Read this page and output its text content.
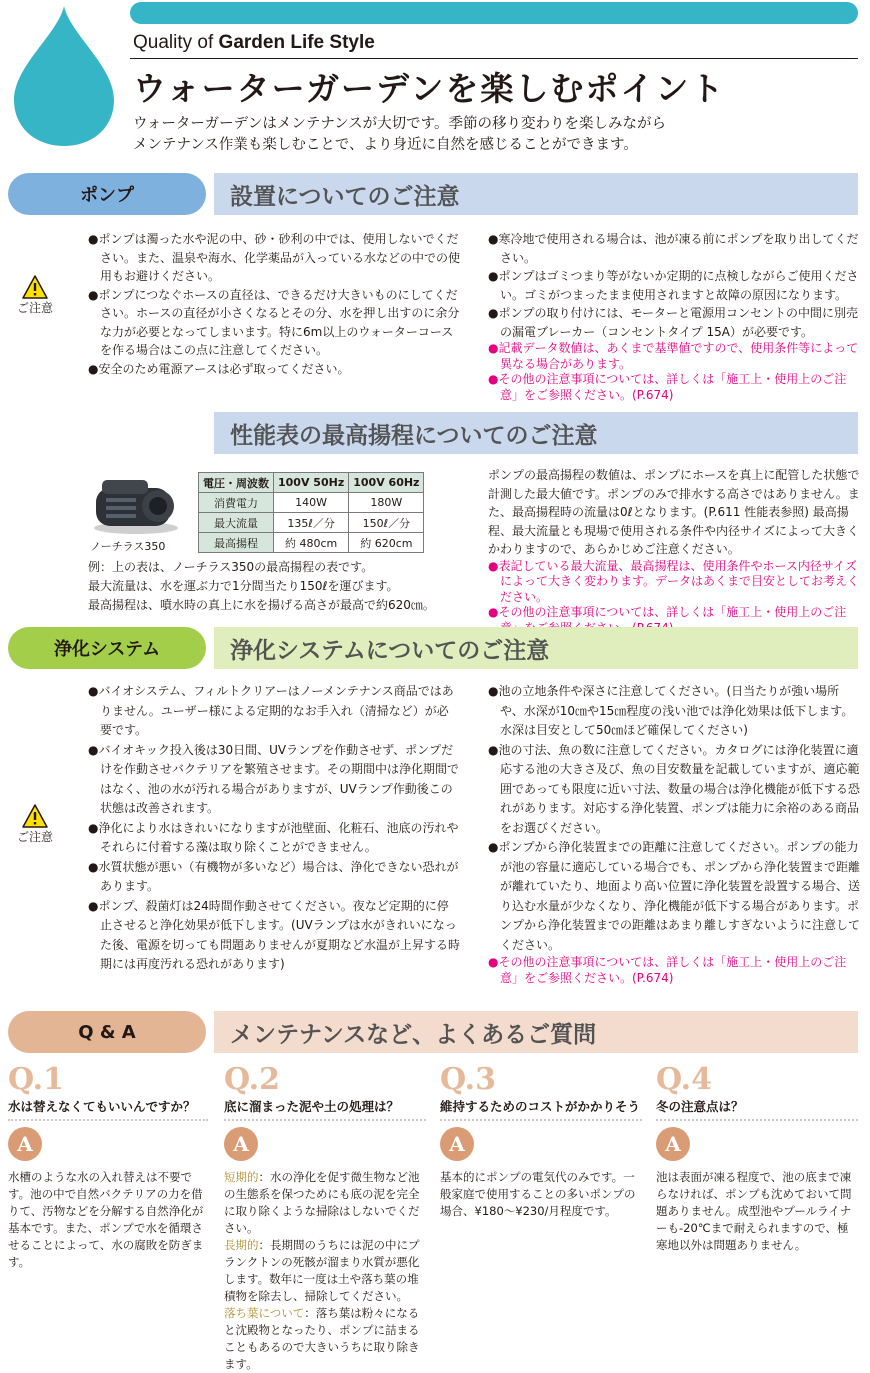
Quality of Garden Life Style
ウォーターガーデンを楽しむポイント
ウォーターガーデンはメンテナンスが大切です。季節の移り変わりを楽しみながら
メンテナンス作業も楽しむことで、より身近に自然を感じることができます。
ポンプ	設置についてのご注意
ご注意

●ポンプは濁った水や泥の中、砂・砂利の中では、使用しないでください。また、温泉や海水、化学薬品が入っている水などの中での使用もお避けください。

●ポンプにつなぐホースの直径は、できるだけ大きいものにしてください。ホースの直径が小さくなるとその分、水を押し出すのに余分な力が必要となってしまいます。特に6m以上のウォーターコースを作る場合はこの点に注意してください。

●安全のため電源アースは必ず取ってください。

●寒冷地で使用される場合は、池が凍る前にポンプを取り出してください。

●ポンプはゴミつまり等がないか定期的に点検しながらご使用ください。ゴミがつまったまま使用されますと故障の原因になります。

●ポンプの取り付けには、モーターと電源用コンセントの中間に別売の漏電ブレーカー（コンセントタイプ 15A）が必要です。

●記載データ数値は、あくまで基準値ですので、使用条件等によって異なる場合があります。

●その他の注意事項については、詳しくは「施工上・使用上のご注意」をご参照ください。(P.674)

性能表の最高揚程についてのご注意
ノーチラス350
電圧・周波数	100V 50Hz	100V 60Hz
消費電力	140W	180W
最大流量	135ℓ／分	150ℓ／分
最高揚程	約 480cm	約 620cm
例：上の表は、ノーチラス350の最高揚程の表です。
最大流量は、水を運ぶ力で1分間当たり150ℓを運びます。
最高揚程は、噴水時の真上に水を揚げる高さが最高で約620㎝。
ポンプの最高揚程の数値は、ポンプにホースを真上に配管した状態で計測した最大値です。ポンプのみで排水する高さではありません。また、最高揚程時の流量は0ℓとなります。(P.611 性能表参照) 最高揚程、最大流量とも現場で使用される条件や内径サイズによって大きくかわりますので、あらかじめご注意ください。

●表記している最大流量、最高揚程は、使用条件やホース内径サイズによって大きく変わります。データはあくまで目安としてお考えください。

●その他の注意事項については、詳しくは「施工上・使用上のご注

浄化システム	浄化システムについてのご注意
ご注意

●バイオシステム、フィルトクリアーはノーメンテナンス商品ではありません。ユーザー様による定期的なお手入れ（清掃など）が必要です。

●バイオキック投入後は30日間、UVランプを作動させず、ポンプだけを作動させバクテリアを繁殖させます。その期間中は浄化期間ではなく、池の水が汚れる場合がありますが、UVランプ作動後この状態は改善されます。

●浄化により水はきれいになりますが池壁面、化粧石、池底の汚れやそれらに付着する藻は取り除くことができません。

●水質状態が悪い（有機物が多いなど）場合は、浄化できない恐れがあります。

●ポンプ、殺菌灯は24時間作動させてください。夜など定期的に停止させると浄化効果が低下します。(UVランプは水がきれいになった後、電源を切っても問題ありませんが夏期など水温が上昇する時期には再度汚れる恐れがあります)

●池の立地条件や深さに注意してください。(日当たりが強い場所や、水深が10㎝や15㎝程度の浅い池では浄化効果は低下します。水深は目安として50㎝ほど確保してください)

●池の寸法、魚の数に注意してください。カタログには浄化装置に適応する池の大きさ及び、魚の目安数量を記載していますが、適応範囲であっても限度に近い寸法、数量の場合は浄化機能が低下する恐れがあります。対応する浄化装置、ポンプは能力に余裕のある商品をお選びください。

●ポンプから浄化装置までの距離に注意してください。ポンプの能力が池の容量に適応している場合でも、ポンプから浄化装置まで距離が離れていたり、地面より高い位置に浄化装置を設置する場合、送り込む水量が少なくなり、浄化機能が低下する場合があります。ポンプから浄化装置までの距離はあまり離しすぎないように注意してください。

●その他の注意事項については、詳しくは「施工上・使用上のご注意」をご参照ください。(P.674)

Q & A	メンテナンスなど、よくあるご質問
Q.1
水は替えなくてもいいんですか？
A
水槽のような水の入れ替えは不要です。池の中で自然バクテリアの力を借りて、汚物などを分解する自然浄化が基本です。また、ポンプで水を循環させることによって、水の腐敗を防ぎます。
Q.2
底に溜まった泥や土の処理は？
A
短期的：水の浄化を促す微生物など池の生態系を保つためにも底の泥を完全に取り除くような掃除はしないでください。
長期的：長期間のうちには泥の中にプランクトンの死骸が溜まり水質が悪化します。数年に一度は土や落ち葉の堆積物を除去し、掃除してください。
落ち葉について：落ち葉は粉々になると沈殿物となったり、ポンプに詰まることもあるので大きいうちに取り除きます。
Q.3
維持するためのコストがかかりそう
A
基本的にポンプの電気代のみです。一般家庭で使用することの多いポンプの場合、¥180～¥230/月程度です。
Q.4
冬の注意点は？
A
池は表面が凍る程度で、池の底まで凍らなければ、ポンプも沈めておいて問題ありません。成型池やプールライナーも-20℃まで耐えられますので、極寒地以外は問題ありません。
